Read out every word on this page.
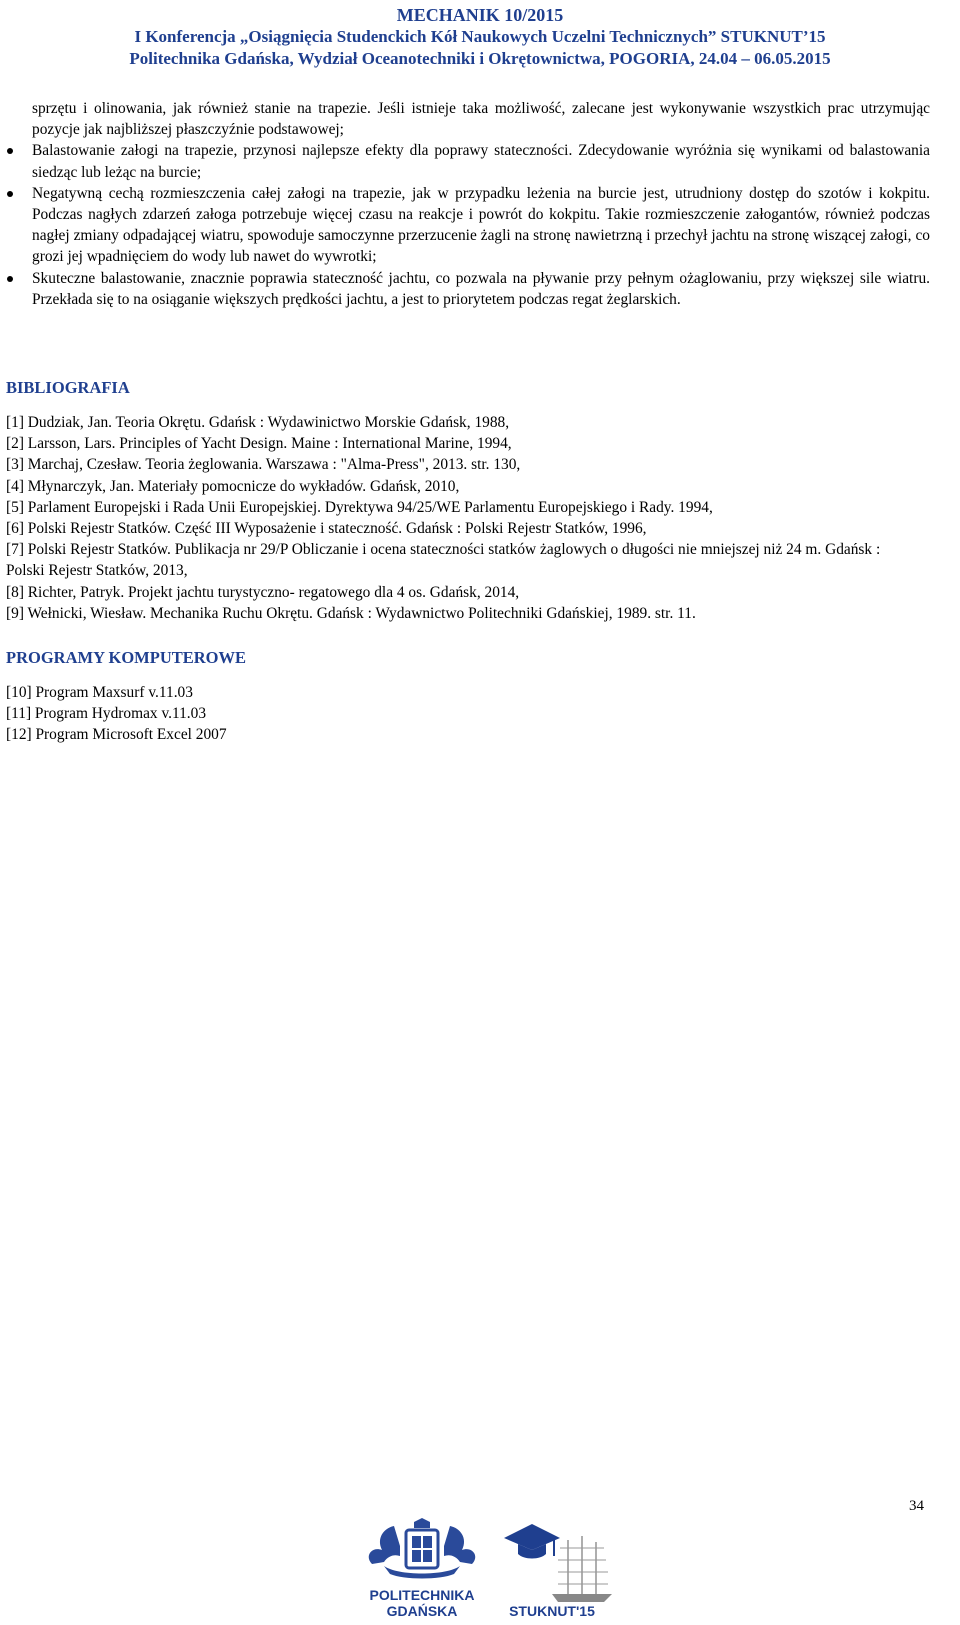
MECHANIK 10/2015
I Konferencja „Osiągnięcia Studenckich Kół Naukowych Uczelni Technicznych” STUKNUT’15
Politechnika Gdańska, Wydział Oceanotechniki i Okrętownictwa, POGORIA, 24.04 – 06.05.2015

sprzętu i olinowania, jak również stanie na trapezie. Jeśli istnieje taka możliwość, zalecane jest wykonywanie wszystkich prac utrzymując pozycje jak najbliższej płaszczyźnie podstawowej;

Balastowanie załogi na trapezie, przynosi najlepsze efekty dla poprawy stateczności. Zdecydowanie wyróżnia się wynikami od balastowania siedząc lub leżąc na burcie;
Negatywną cechą rozmieszczenia całej załogi na trapezie, jak w przypadku leżenia na burcie jest, utrudniony dostęp do szotów i kokpitu. Podczas nagłych zdarzeń załoga potrzebuje więcej czasu na reakcje i powrót do kokpitu. Takie rozmieszczenie załogantów, również podczas nagłej zmiany odpadającej wiatru, spowoduje samoczynne przerzucenie żagli na stronę nawietrzną i przechył jachtu na stronę wiszącej załogi, co grozi jej wpadnięciem do wody lub nawet do wywrotki;
Skuteczne balastowanie, znacznie poprawia stateczność jachtu, co pozwala na pływanie przy pełnym ożaglowaniu, przy większej sile wiatru. Przekłada się to na osiąganie większych prędkości jachtu, a jest to priorytetem podczas regat żeglarskich.
BIBLIOGRAFIA

[1] Dudziak, Jan. Teoria Okrętu. Gdańsk : Wydawinictwo Morskie Gdańsk, 1988,

[2] Larsson, Lars. Principles of Yacht Design. Maine : International Marine, 1994,

[3] Marchaj, Czesław. Teoria żeglowania. Warszawa : "Alma-Press", 2013. str. 130,

[4] Młynarczyk, Jan. Materiały pomocnicze do wykładów. Gdańsk, 2010,

[5] Parlament Europejski i Rada Unii Europejskiej. Dyrektywa 94/25/WE Parlamentu Europejskiego i Rady. 1994,

[6] Polski Rejestr Statków. Część III Wyposażenie i stateczność. Gdańsk : Polski Rejestr Statków, 1996,

[7] Polski Rejestr Statków. Publikacja nr 29/P Obliczanie i ocena stateczności statków żaglowych o długości nie mniejszej niż 24 m. Gdańsk : Polski Rejestr Statków, 2013,

[8] Richter, Patryk. Projekt jachtu turystyczno- regatowego dla 4 os. Gdańsk, 2014,

[9] Wełnicki, Wiesław. Mechanika Ruchu Okrętu. Gdańsk : Wydawnictwo Politechniki Gdańskiej, 1989. str. 11.

PROGRAMY KOMPUTEROWE

[10] Program Maxsurf v.11.03

[11] Program Hydromax v.11.03

[12] Program Microsoft Excel 2007

34
POLITECHNIKA
GDAŃSKA	STUKNUT'15
